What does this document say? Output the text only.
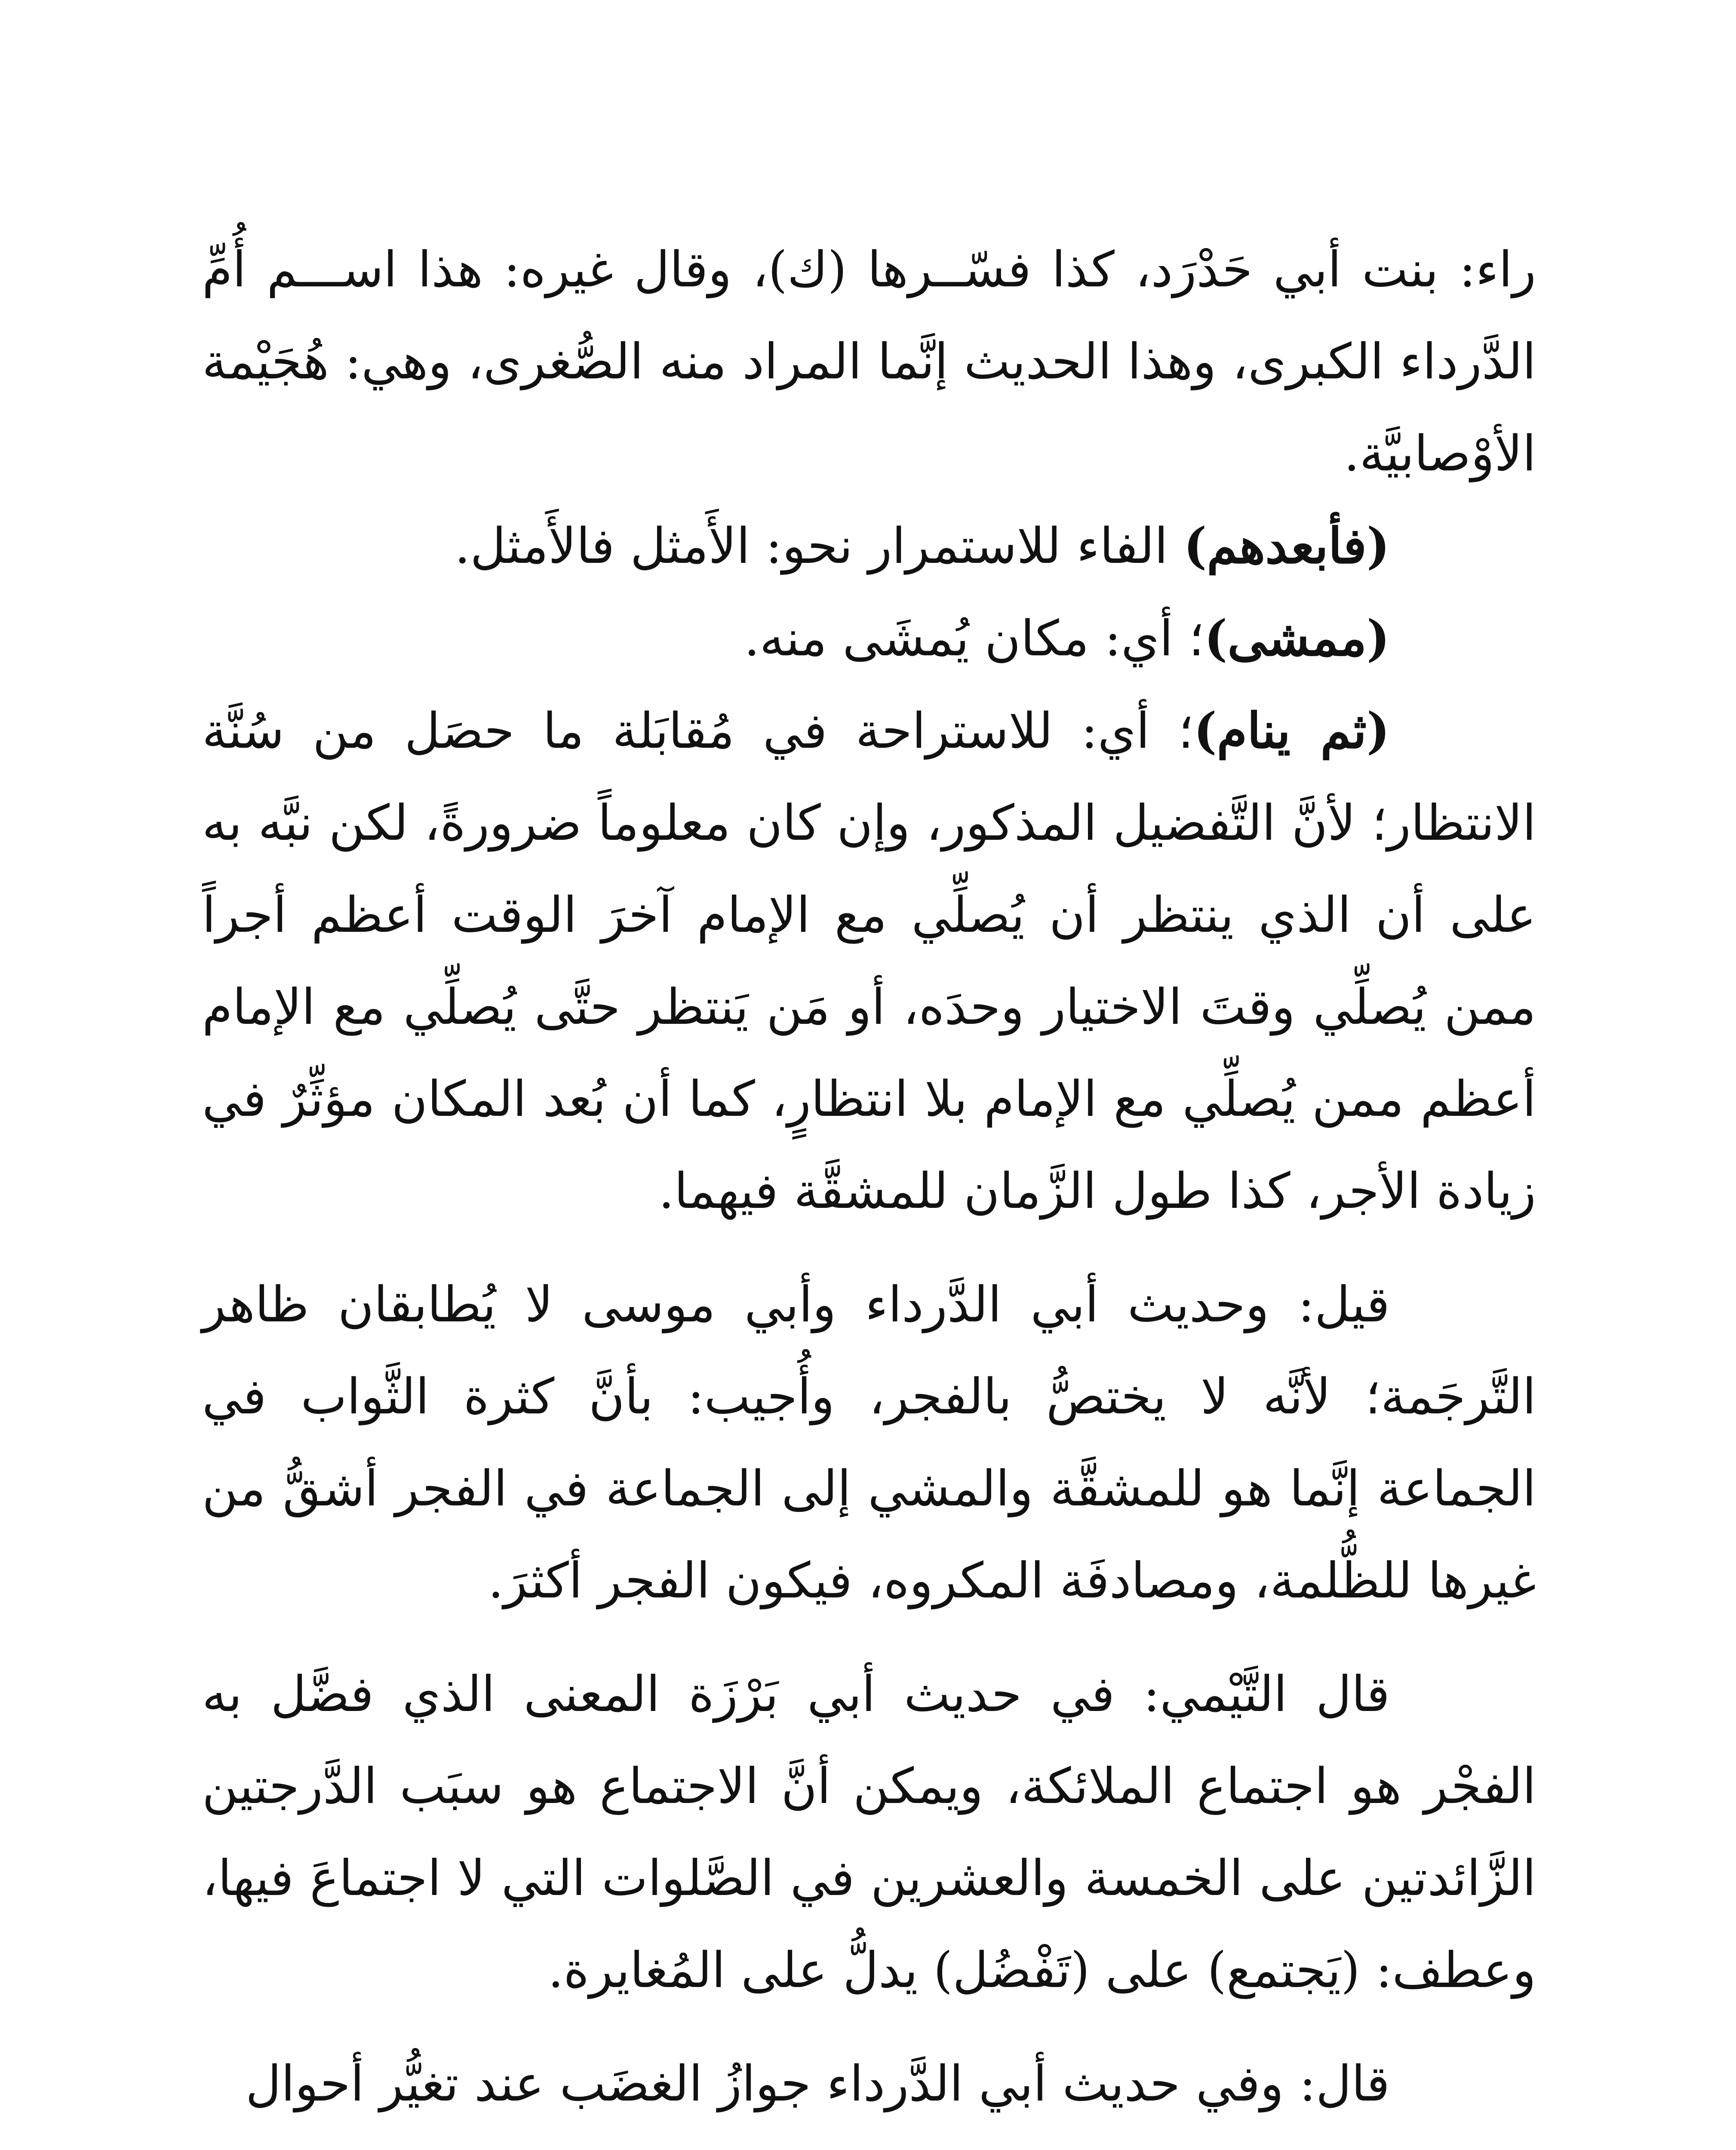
راء: بنت أبي حَدْرَد، كذا فسّــرها (ك)، وقال غيره: هذا اســـم أُمِّ الدَّرداء الكبرى، وهذا الحديث إنَّما المراد منه الصُّغرى، وهي: هُجَيْمة الأوْصابيَّة.

(فأبعدهم) الفاء للاستمرار نحو: الأَمثل فالأَمثل.

(ممشى)؛ أي: مكان يُمشَى منه.

(ثم ينام)؛ أي: للاستراحة في مُقابَلة ما حصَل من سُنَّة الانتظار؛ لأنَّ التَّفضيل المذكور، وإن كان معلوماً ضرورةً، لكن نبَّه به على أن الذي ينتظر أن يُصلِّي مع الإمام آخرَ الوقت أعظم أجراً ممن يُصلِّي وقتَ الاختيار وحدَه، أو مَن يَنتظر حتَّى يُصلِّي مع الإمام أعظم ممن يُصلِّي مع الإمام بلا انتظارٍ، كما أن بُعد المكان مؤثِّرٌ في زيادة الأجر، كذا طول الزَّمان للمشقَّة فيهما.

قيل: وحديث أبي الدَّرداء وأبي موسى لا يُطابقان ظاهر التَّرجَمة؛ لأنَّه لا يختصُّ بالفجر، وأُجيب: بأنَّ كثرة الثَّواب في الجماعة إنَّما هو للمشقَّة والمشي إلى الجماعة في الفجر أشقُّ من غيرها للظُّلمة، ومصادفَة المكروه، فيكون الفجر أكثرَ.

قال التَّيْمي: في حديث أبي بَرْزَة المعنى الذي فضَّل به الفجْر هو اجتماع الملائكة، ويمكن أنَّ الاجتماع هو سبَب الدَّرجتين الزَّائدتين على الخمسة والعشرين في الصَّلوات التي لا اجتماعَ فيها، وعطف: (يَجتمع) على (تَفْضُل) يدلُّ على المُغايرة.

قال: وفي حديث أبي الدَّرداء جوازُ الغضَب عند تغيُّر أحوال
